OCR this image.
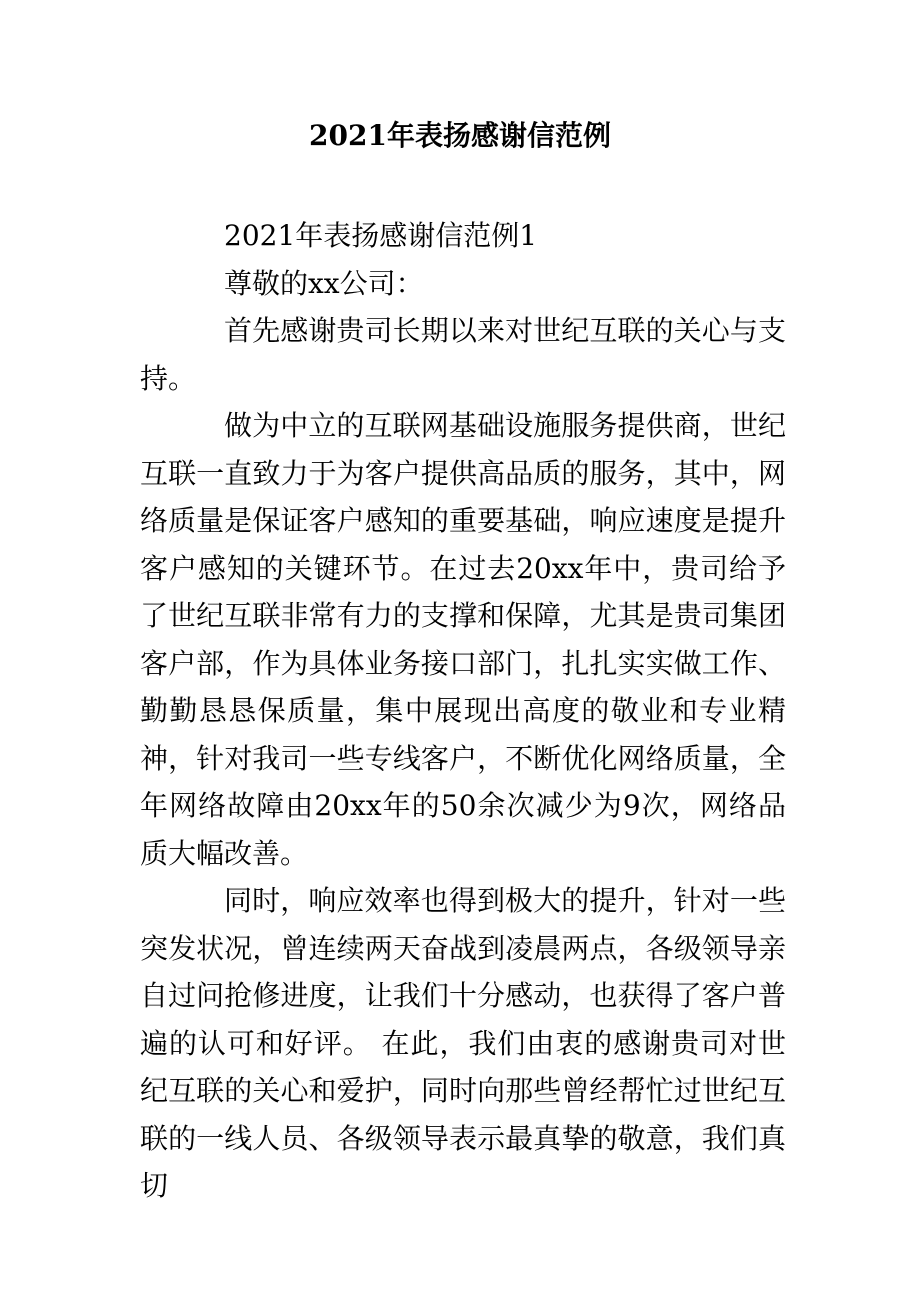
2021年表扬感谢信范例

2021年表扬感谢信范例1

尊敬的xx公司：

首先感谢贵司长期以来对世纪互联的关心与支持。

做为中立的互联网基础设施服务提供商，世纪互联一直致力于为客户提供高品质的服务，其中，网络质量是保证客户感知的重要基础，响应速度是提升客户感知的关键环节。在过去20xx年中，贵司给予了世纪互联非常有力的支撑和保障，尤其是贵司集团客户部，作为具体业务接口部门，扎扎实实做工作、勤勤恳恳保质量，集中展现出高度的敬业和专业精神，针对我司一些专线客户，不断优化网络质量，全年网络故障由20xx年的50余次减少为9次，网络品质大幅改善。

同时，响应效率也得到极大的提升，针对一些突发状况，曾连续两天奋战到凌晨两点，各级领导亲自过问抢修进度，让我们十分感动，也获得了客户普遍的认可和好评。 在此，我们由衷的感谢贵司对世纪互联的关心和爱护，同时向那些曾经帮忙过世纪互联的一线人员、各级领导表示最真挚的敬意，我们真切
